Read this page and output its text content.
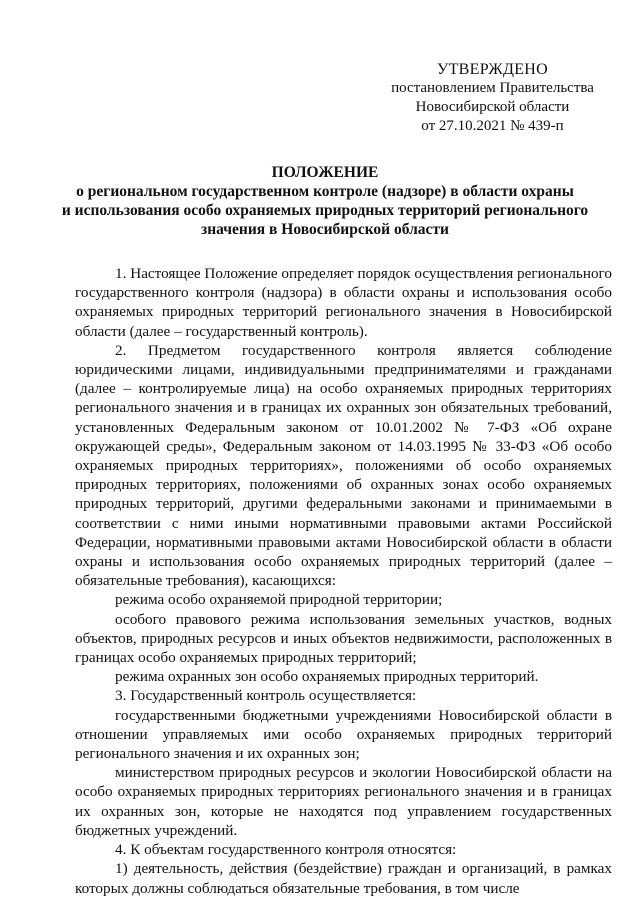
УТВЕРЖДЕНО
постановлением Правительства
Новосибирской области
от 27.10.2021 № 439-п
ПОЛОЖЕНИЕ
о региональном государственном контроле (надзоре) в области охраны
и использования особо охраняемых природных территорий регионального
значения в Новосибирской области

1. Настоящее Положение определяет порядок осуществления регионального государственного контроля (надзора) в области охраны и использования особо охраняемых природных территорий регионального значения в Новосибирской области (далее – государственный контроль).

2. Предметом государственного контроля является соблюдение юридическими лицами, индивидуальными предпринимателями и гражданами (далее – контролируемые лица) на особо охраняемых природных территориях регионального значения и в границах их охранных зон обязательных требований, установленных Федеральным законом от 10.01.2002 № 7-ФЗ «Об охране окружающей среды», Федеральным законом от 14.03.1995 № 33-ФЗ «Об особо охраняемых природных территориях», положениями об особо охраняемых природных территориях, положениями об охранных зонах особо охраняемых природных территорий, другими федеральными законами и принимаемыми в соответствии с ними иными нормативными правовыми актами Российской Федерации, нормативными правовыми актами Новосибирской области в области охраны и использования особо охраняемых природных территорий (далее – обязательные требования), касающихся:

режима особо охраняемой природной территории;

особого правового режима использования земельных участков, водных объектов, природных ресурсов и иных объектов недвижимости, расположенных в границах особо охраняемых природных территорий;

режима охранных зон особо охраняемых природных территорий.

3. Государственный контроль осуществляется:

государственными бюджетными учреждениями Новосибирской области в отношении управляемых ими особо охраняемых природных территорий регионального значения и их охранных зон;

министерством природных ресурсов и экологии Новосибирской области на особо охраняемых природных территориях регионального значения и в границах их охранных зон, которые не находятся под управлением государственных бюджетных учреждений.

4. К объектам государственного контроля относятся:

1) деятельность, действия (бездействие) граждан и организаций, в рамках которых должны соблюдаться обязательные требования, в том числе
